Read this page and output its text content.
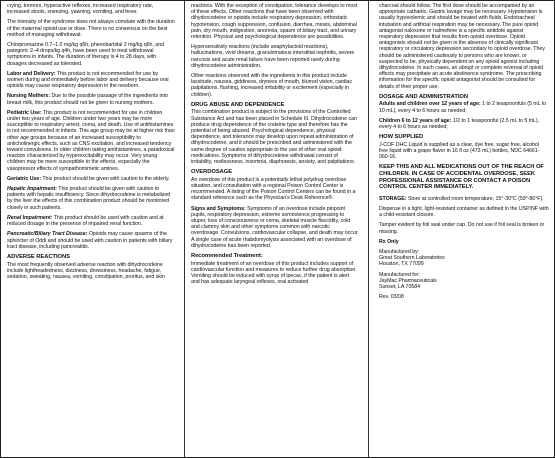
crying, tremors, hyperactive reflexes, increased respiratory rate, increased stools, sneezing, yawning, vomiting, and fever.

The intensity of the syndrome does not always correlate with the duration of the maternal opioid use or dose. There is no consensus on the best method of managing withdrawal.

Chlorpromazine 0.7–1.0 mg/kg q6h, phenobarbital 2 mg/kg q6h, and paregoric 2–4 drops/kg q4h, have been used to treat withdrawal symptoms in infants. The duration of therapy is 4 to 28 days, with dosages decreased as tolerated.

Labor and Delivery: This product is not recommended for use by women during and immediately before labor and delivery because oral opioids may cause respiratory depression in the newborn.

Nursing Mothers: Due to the possible passage of the ingredients into breast milk, this product should not be given to nursing mothers.

Pediatric Use: This product is not recommended for use in children under two years of age. Children under two years may be more susceptible to respiratory arrest, coma, and death. Use of antihistamines is not recommended in infants. This age group may be at higher risk than other age groups because of an increased susceptibility to anticholinergic effects, such as CNS excitation, and increased tendency toward convulsions. In older children taking antihistamines, a paradoxical reaction characterized by hyperexcitability may occur. Very young children may be more susceptible to the effects, especially the vasopressor effects of sympathomimetic amines.

Geriatric Use: This product should be given with caution to the elderly.

Hepatic Impairment: This product should be given with caution to patients with hepatic insufficiency. Since dihydrocodeine is metabolized by the liver the effects of this combination product should be monitored closely in such patients.

Renal Impairment: This product should be used with caution and at reduced dosage in the presence of impaired renal function.

Pancreatic/Biliary Tract Disease: Opioids may cause spasms of the sphincter of Oddi and should be used with caution in patients with biliary tract disease, including pancreatitis.

ADVERSE REACTIONS

The most frequently observed adverse reaction with dihydrocodeine include lightheadedness, dizziness, drowsiness, headache, fatigue, sedation, sweating, nausea, vomiting, constipation, pruritus, and skin

reactions. With the exception of constipation, tolerance develops to most of these effects. Other reactions that have been observed with dihydrocodeine or opioids include respiratory depression, orthostatic hypotension, cough suppression, confusion, diarrhea, miosis, abdominal pain, dry mouth, indigestion, anorexia, spasm of biliary tract, and urinary retention. Physical and psychological dependence are possibilities.

Hypersensitivity reactions (include anaphylactoid reactions), hallucinations, vivid dreams, granulomatous interstitial nephritis, severe narcosis and acute renal failure have been reported rarely during dihydrocodeine administration.

Other reactions observed with the ingredients in this product include lassitude, nausea, giddiness, dryness of mouth, blurred vision, cardiac palpitations, flushing, increased irritability or excitement (especially in children).

DRUG ABUSE AND DEPENDENCE

This combination product is subject to the provisions of the Controlled Substance Act and has been placed in Schedule III. Dihydrocodeine can produce drug dependence of the codeine type and therefore has the potential of being abused. Psychological dependence, physical dependence, and tolerance may develop upon repeat administration of dihydrocodeine, and it should be prescribed and administered with the same degree of caution appropriate to the use of other oral opioid medications. Symptoms of dihydrocodeine withdrawal consist of irritability, restlessness, insomnia, diaphoresis, anxiety, and palpitations.

OVERDOSAGE

An overdose of this product is a potentially lethal polydrug overdose situation, and consultation with a regional Poison Control Center is recommended. A listing of the Poison Control Centers can be found in a standard reference such as the Physician's Desk Reference®.

Signs and Symptoms: Symptoms of an overdose include pinpoint pupils, respiratory depression, extreme somnolence progressing to stupor, loss of consciousness or coma, skeletal muscle flaccidity, cold and clammy skin and other symptoms common with narcotic overdosage. Convulsions, cardiovascular collapse, and death may occur. A single case of acute rhabdomyolysis associated with an overdose of dihydrocodeine has been reported.

Recommended Treatment:

Immediate treatment of an overdose of this product includes support of cardiovascular function and measures to reduce further drug absorption. Vomiting should be induced with syrup of ipecac, if the patient is alert and has adequate laryngeal reflexes, oral activated

charcoal should follow. The first dose should be accompanied by an appropriate cathartic. Gastric lavage may be necessary. Hypotension is usually hypovolemic and should be treated with fluids. Endotracheal intubation and artificial respiration may be necessary. The pure opioid antagonist naloxone or nalmefene is a specific antidote against respiratory depression that results from opioid overdose. Opioid antagonists should not be given in the absence of clinically significant respiratory or circulatory depression secondary to opioid overdose. They should be administered cautiously to persons who are known, or suspected to be, physically dependent on any opioid agonist including dihydrocodeine. In such cases, an abrupt or complete reversal of opioid effects may precipitate an acute abstinence syndrome. The prescribing information for the specific opioid antagonist should be consulted for details of their proper use.

DOSAGE AND ADMINISTRATION

Adults and children over 12 years of age: 1 to 2 teaspoonfuls (5 mL to 10 mL), every 4 to 6 hours as needed;

Children 6 to 12 years of age: 1/2 to 1 teaspoonful (2.5 mL to 5 mL), every 4 to 6 hours as needed;

HOW SUPPLIED

J-COF DHC Liquid is supplied as a clear, dye free, sugar free, alcohol free liquid with a grape flavor in 16 fl oz (473 mL) bottles, NDC 64661-060-16.

KEEP THIS AND ALL MEDICATIONS OUT OF THE REACH OF CHILDREN. IN CASE OF ACCIDENTAL OVERDOSE, SEEK PROFESSIONAL ASSISTANCE OR CONTACT A POISON CONTROL CENTER IMMEDIATELY.

STORAGE: Store at controlled room temperature, 15°-30°C (59°-86°F).

Dispense in a tight, light-resistant container as defined in the USP/NF with a child-resistant closure.

Tamper evident by foil seal under cap. Do not use if foil seal is broken or missing.

Rx Only

Manufactured by:
Great Southern Laboratories
Houston, TX 77099
Manufactured for:
JayMac Pharmaceuticals
Sunset, LA 70584
Rev. 03/08
